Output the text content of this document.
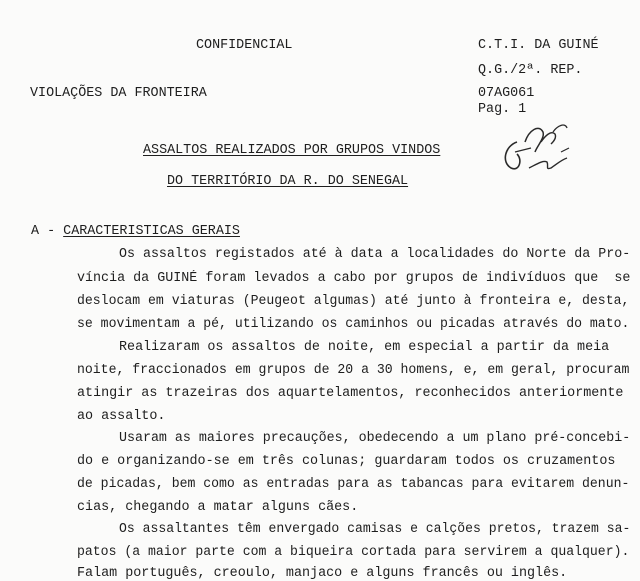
CONFIDENCIAL	C.T.I. DA GUINÉ
Q.G./2ª. REP.
VIOLAÇÕES DA FRONTEIRA	07AG061
Pag. 1
ASSALTOS REALIZADOS POR GRUPOS VINDOS
DO TERRITÓRIO DA R. DO SENEGAL
A - CARACTERISTICAS GERAIS
Os assaltos registados até à data a localidades do Norte da Pro-
víncia da GUINÉ foram levados a cabo por grupos de indivíduos que  se
deslocam em viaturas (Peugeot algumas) até junto à fronteira e, desta,
se movimentam a pé, utilizando os caminhos ou picadas através do mato.
Realizaram os assaltos de noite, em especial a partir da meia
noite, fraccionados em grupos de 20 a 30 homens, e, em geral, procuram
atingir as trazeiras dos aquartelamentos, reconhecidos anteriormente
ao assalto.
Usaram as maiores precauções, obedecendo a um plano pré-concebi-
do e organizando-se em três colunas; guardaram todos os cruzamentos
de picadas, bem como as entradas para as tabancas para evitarem denun-
cias, chegando a matar alguns cães.
Os assaltantes têm envergado camisas e calções pretos, trazem sa-
patos (a maior parte com a biqueira cortada para servirem a qualquer).
Falam português, creoulo, manjaco e alguns francês ou inglês.
